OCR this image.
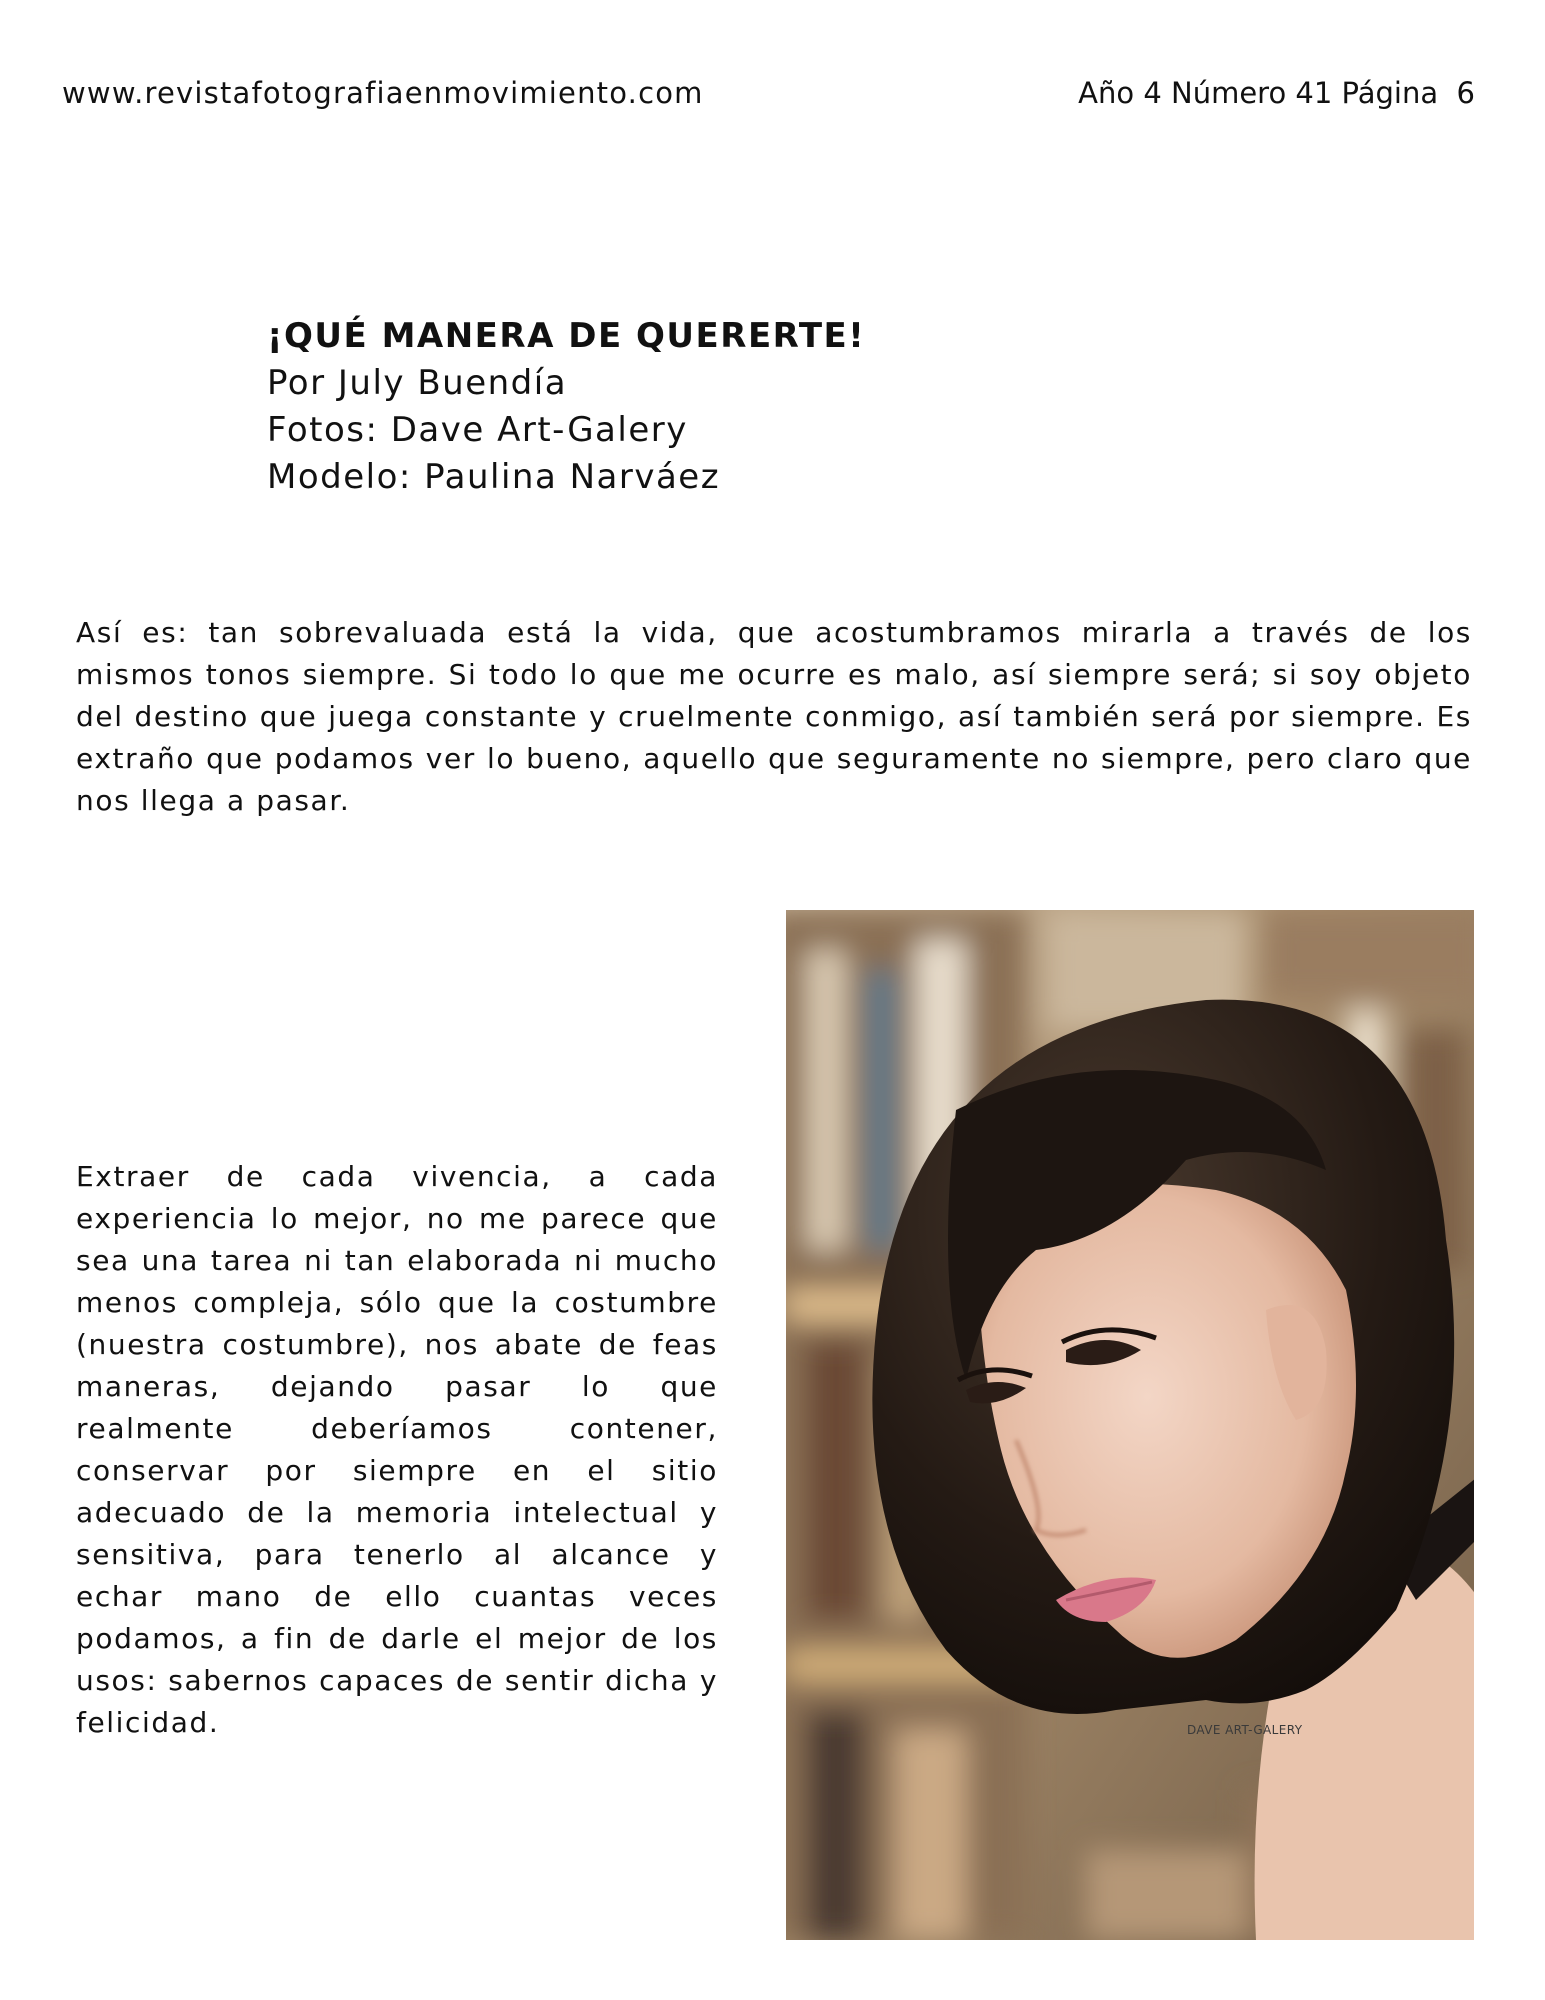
www.revistafotografiaenmovimiento.com	Año 4 Número 41 Página  6
¡QUÉ MANERA DE QUERERTE!
Por July Buendía
Fotos: Dave Art-Galery
Modelo: Paulina Narváez

Así es: tan sobrevaluada está la vida, que acostumbramos mirarla a través de los mismos tonos siempre. Si todo lo que me ocurre es malo, así siempre será; si soy objeto del destino que juega constante y cruelmente conmigo, así también será por siempre. Es extraño que podamos ver lo bueno, aquello que seguramente no siempre, pero claro que nos llega a pasar.

Extraer de cada vivencia, a cada experiencia lo mejor, no me parece que sea una tarea ni tan elaborada ni mucho menos compleja, sólo que la costumbre (nuestra costumbre), nos abate de feas maneras, dejando pasar lo que realmente deberíamos contener, conservar por siempre en el sitio adecuado de la memoria intelectual y sensitiva, para tenerlo al alcance y echar mano de ello cuantas veces podamos, a fin de darle el mejor de los usos: sabernos capaces de sentir dicha y felicidad.	DAVE ART-GALERY
